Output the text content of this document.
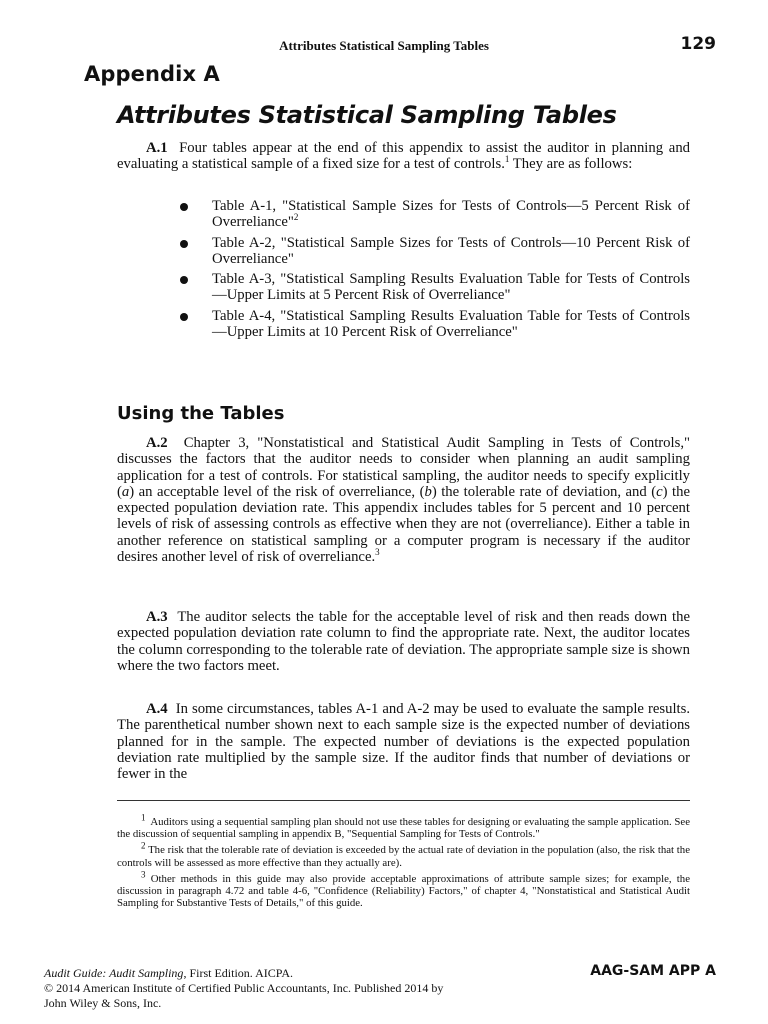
Attributes Statistical Sampling Tables	129
Appendix A
Attributes Statistical Sampling Tables

A.1 Four tables appear at the end of this appendix to assist the auditor in planning and evaluating a statistical sample of a fixed size for a test of controls.$^1$ They are as follows:

Table A-1, "Statistical Sample Sizes for Tests of Controls—5 Percent Risk of Overreliance"$^2$
Table A-2, "Statistical Sample Sizes for Tests of Controls—10 Percent Risk of Overreliance"
Table A-3, "Statistical Sampling Results Evaluation Table for Tests of Controls—Upper Limits at 5 Percent Risk of Overreliance"
Table A-4, "Statistical Sampling Results Evaluation Table for Tests of Controls—Upper Limits at 10 Percent Risk of Overreliance"
Using the Tables

A.2 Chapter 3, "Nonstatistical and Statistical Audit Sampling in Tests of Controls," discusses the factors that the auditor needs to consider when planning an audit sampling application for a test of controls. For statistical sampling, the auditor needs to specify explicitly (a) an acceptable level of the risk of overreliance, (b) the tolerable rate of deviation, and (c) the expected population deviation rate. This appendix includes tables for 5 percent and 10 percent levels of risk of assessing controls as effective when they are not (overreliance). Either a table in another reference on statistical sampling or a computer program is necessary if the auditor desires another level of risk of overreliance.$^3$

A.3 The auditor selects the table for the acceptable level of risk and then reads down the expected population deviation rate column to find the appropriate rate. Next, the auditor locates the column corresponding to the tolerable rate of deviation. The appropriate sample size is shown where the two factors meet.

A.4 In some circumstances, tables A-1 and A-2 may be used to evaluate the sample results. The parenthetical number shown next to each sample size is the expected number of deviations planned for in the sample. The expected number of deviations is the expected population deviation rate multiplied by the sample size. If the auditor finds that number of deviations or fewer in the

$^1$ Auditors using a sequential sampling plan should not use these tables for designing or evaluating the sample application. See the discussion of sequential sampling in appendix B, "Sequential Sampling for Tests of Controls."

$^2$ The risk that the tolerable rate of deviation is exceeded by the actual rate of deviation in the population (also, the risk that the controls will be assessed as more effective than they actually are).

$^3$ Other methods in this guide may also provide acceptable approximations of attribute sample sizes; for example, the discussion in paragraph 4.72 and table 4-6, "Confidence (Reliability) Factors," of chapter 4, "Nonstatistical and Statistical Audit Sampling for Substantive Tests of Details," of this guide.

Audit Guide: Audit Sampling, First Edition. AICPA.
© 2014 American Institute of Certified Public Accountants, Inc. Published 2014 by John Wiley & Sons, Inc.
AAG-SAM APP A
